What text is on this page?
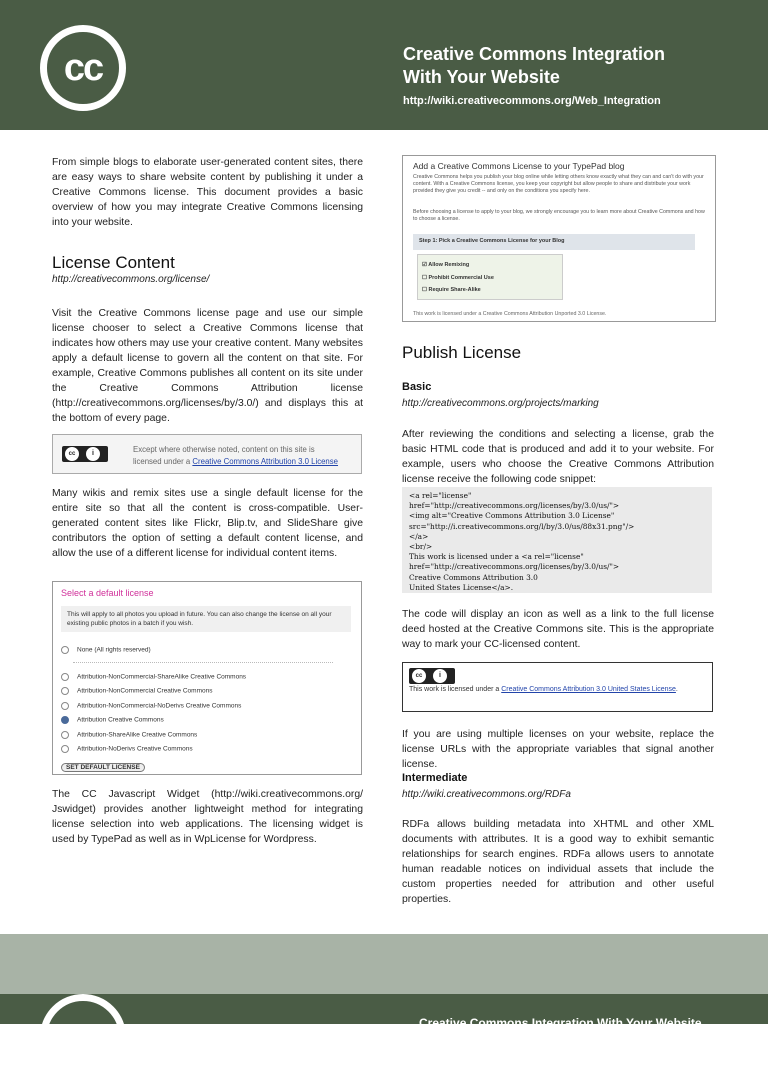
cc	Creative Commons Integration
With Your Website
http://wiki.creativecommons.org/Web_Integration

From simple blogs to elaborate user-generated content sites, there are easy ways to share website content by publishing it under a Creative Commons license. This document provides a basic overview of how you may integrate Creative Commons licensing into your website.

License Content

http://creativecommons.org/license/

Visit the Creative Commons license page and use our simple license chooser to select a Creative Commons license that indicates how others may use your creative content. Many websites apply a default license to govern all the content on that site. For example, Creative Commons publishes all content on its site under the Creative Commons Attribution license (http://creativecommons.org/licenses/by/3.0/) and displays this at the bottom of every page.

cc	i	Except where otherwise noted, content on this site is
licensed under a Creative Commons Attribution 3.0 License

Many wikis and remix sites use a single default license for the entire site so that all the content is cross-compatible. User-generated content sites like Flickr, Blip.tv, and SlideShare give contributors the option of setting a default content license, and allow the use of a different license for individual content items.

Select a default license
This will apply to all photos you upload in future. You can also change the license on all your existing public photos in a batch if you wish.
None (All rights reserved)
Attribution-NonCommercial-ShareAlike Creative Commons
Attribution-NonCommercial Creative Commons
Attribution-NonCommercial-NoDerivs Creative Commons
Attribution Creative Commons
Attribution-ShareAlike Creative Commons
Attribution-NoDerivs Creative Commons
SET DEFAULT LICENSE

The CC Javascript Widget (http://wiki.creativecommons.org/ Jswidget) provides another lightweight method for integrating license selection into web applications. The licensing widget is used by TypePad as well as in WpLicense for Wordpress.

Add a Creative Commons License to your TypePad blog
Creative Commons helps you publish your blog online while letting others know exactly what they can and can't do with your content. With a Creative Commons license, you keep your copyright but allow people to share and distribute your work provided they give you credit -- and only on the conditions you specify here.
Before choosing a license to apply to your blog, we strongly encourage you to learn more about Creative Commons and how to choose a license.
Step 1: Pick a Creative Commons License for your Blog
☑ Allow Remixing
☐ Prohibit Commercial Use
☐ Require Share-Alike
This work is licensed under a Creative Commons Attribution Unported 3.0 License.
Publish License
Basic

http://creativecommons.org/projects/marking

After reviewing the conditions and selecting a license, grab the basic HTML code that is produced and add it to your website. For example, users who choose the Creative Commons Attribution license receive the following code snippet:

<a rel="license"
href="http://creativecommons.org/licenses/by/3.0/us/">
<img alt="Creative Commons Attribution 3.0 License"
src="http://i.creativecommons.org/l/by/3.0/us/88x31.png"/>
</a>
<br/>
This work is licensed under a <a rel="license"
href="http://creativecommons.org/licenses/by/3.0/us/">
Creative Commons Attribution 3.0
United States License</a>.

The code will display an icon as well as a link to the full license deed hosted at the Creative Commons site. This is the appropriate way to mark your CC-licensed content.

cc	i
This work is licensed under a Creative Commons Attribution 3.0 United States License.

If you are using multiple licenses on your website, replace the license URLs with the appropriate variables that signal another license.

Intermediate

http://wiki.creativecommons.org/RDFa

RDFa allows building metadata into XHTML and other XML documents with attributes. It is a good way to exhibit semantic relationships for search engines. RDFa allows users to annotate human readable notices on individual assets that include the custom properties needed for attribution and other useful properties.

cc	Creative Commons Integration With Your Website
